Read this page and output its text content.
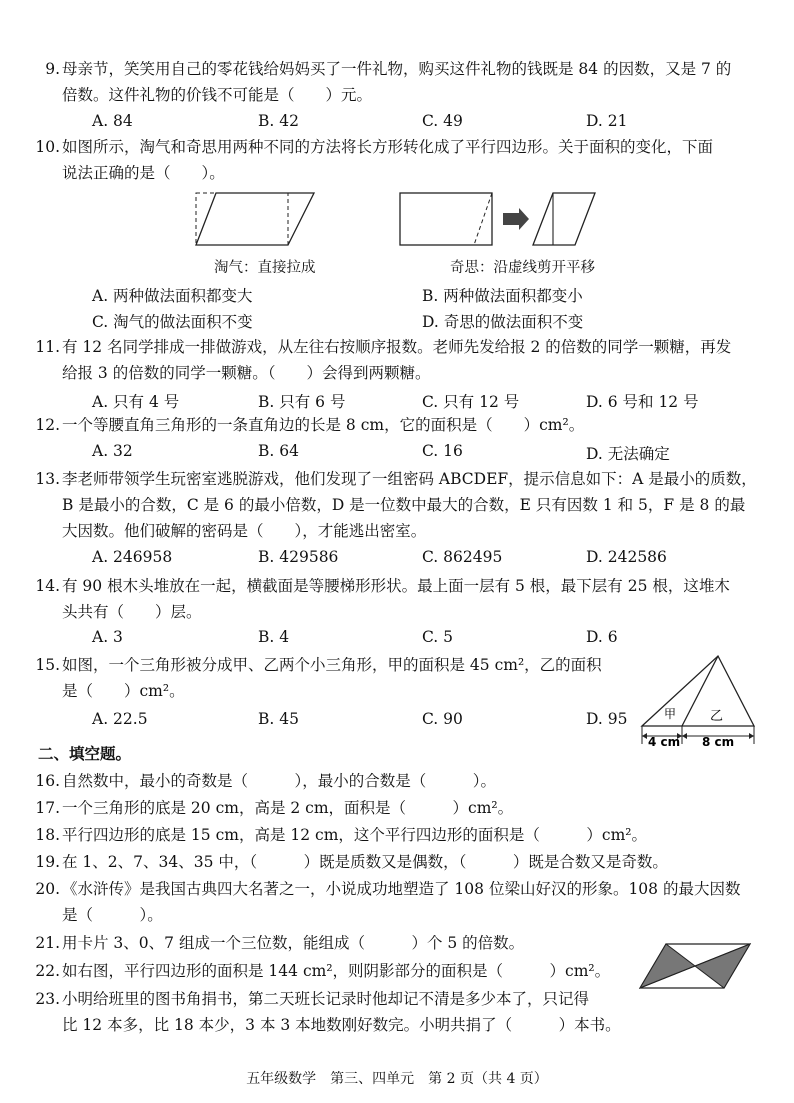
9. 母亲节，笑笑用自己的零花钱给妈妈买了一件礼物，购买这件礼物的钱既是 84 的因数，又是 7 的
倍数。这件礼物的价钱不可能是（　　）元。
A. 84	B. 42	C. 49	D. 21
10. 如图所示，淘气和奇思用两种不同的方法将长方形转化成了平行四边形。关于面积的变化，下面
说法正确的是（　　）。
淘气：直接拉成	奇思：沿虚线剪开平移
A. 两种做法面积都变大	B. 两种做法面积都变小
C. 淘气的做法面积不变	D. 奇思的做法面积不变
11. 有 12 名同学排成一排做游戏，从左往右按顺序报数。老师先发给报 2 的倍数的同学一颗糖，再发
给报 3 的倍数的同学一颗糖。（　　）会得到两颗糖。
A. 只有 4 号	B. 只有 6 号	C. 只有 12 号	D. 6 号和 12 号
12. 一个等腰直角三角形的一条直角边的长是 8 cm，它的面积是（　　）cm²。
A. 32	B. 64	C. 16	D. 无法确定
13. 李老师带领学生玩密室逃脱游戏，他们发现了一组密码 ABCDEF，提示信息如下：A 是最小的质数，
B 是最小的合数，C 是 6 的最小倍数，D 是一位数中最大的合数，E 只有因数 1 和 5，F 是 8 的最
大因数。他们破解的密码是（　　），才能逃出密室。
A. 246958	B. 429586	C. 862495	D. 242586
14. 有 90 根木头堆放在一起，横截面是等腰梯形形状。最上面一层有 5 根，最下层有 25 根，这堆木
头共有（　　）层。
A. 3	B. 4	C. 5	D. 6
15. 如图，一个三角形被分成甲、乙两个小三角形，甲的面积是 45 cm²，乙的面积
是（　　）cm²。
A. 22.5	B. 45	C. 90	D. 95	甲	乙
4 cm 8 cm
二、填空题。
16. 自然数中，最小的奇数是（　　　），最小的合数是（　　　）。
17. 一个三角形的底是 20 cm，高是 2 cm，面积是（　　　）cm²。
18. 平行四边形的底是 15 cm，高是 12 cm，这个平行四边形的面积是（　　　）cm²。
19. 在 1、2、7、34、35 中，（　　　）既是质数又是偶数，（　　　）既是合数又是奇数。
20. 《水浒传》是我国古典四大名著之一，小说成功地塑造了 108 位梁山好汉的形象。108 的最大因数
是（　　　）。
21. 用卡片 3、0、7 组成一个三位数，能组成（　　　）个 5 的倍数。
22. 如右图，平行四边形的面积是 144 cm²，则阴影部分的面积是（　　　）cm²。
23. 小明给班里的图书角捐书，第二天班长记录时他却记不清是多少本了，只记得
比 12 本多，比 18 本少，3 本 3 本地数刚好数完。小明共捐了（　　　）本书。
五年级数学　第三、四单元　第 2 页（共 4 页）
